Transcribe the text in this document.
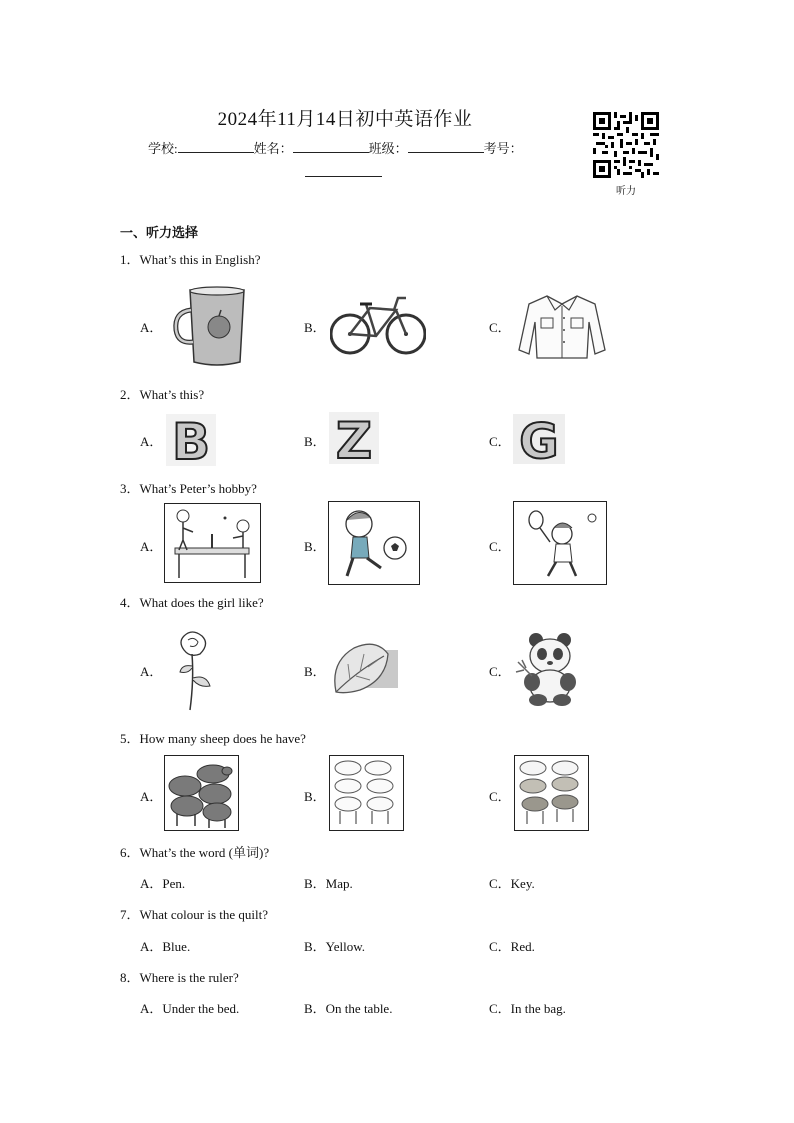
2024年11月14日初中英语作业
学校:	姓名：	班级：	考号：
听力
一、听力选择
1．What’s this in English?
A．	B．	C．
2．What’s this?
A． B	B． Z	C． G
3．What’s Peter’s hobby?
A．	B．	C．
4．What does the girl like?
A．	B．	C．
5．How many sheep does he have?
A．	B．	C．
6．What’s the word (单词)?
A．Pen.	B．Map.	C．Key.
7．What colour is the quilt?
A．Blue.	B．Yellow.	C．Red.
8．Where is the ruler?
A．Under the bed.	B．On the table.	C．In the bag.
